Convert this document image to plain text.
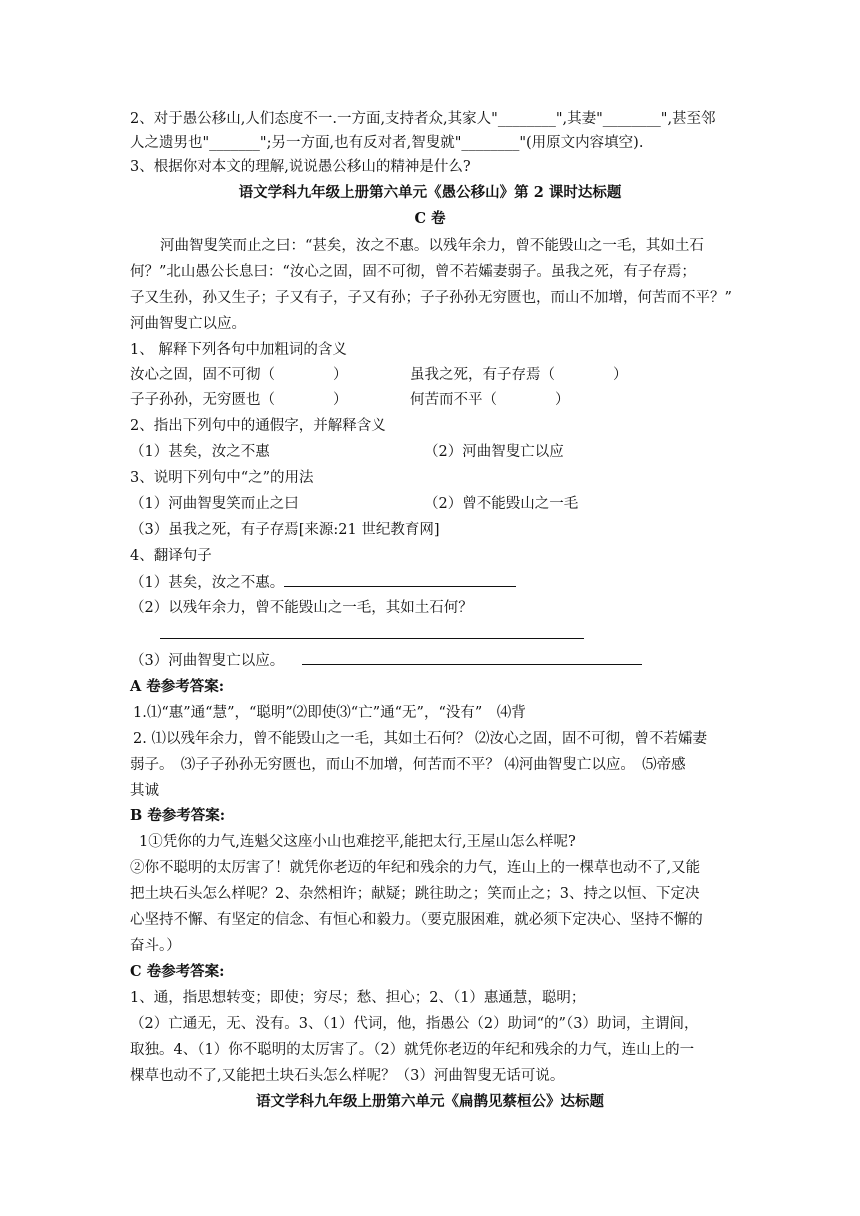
2、对于愚公移山,人们态度不一.一方面,支持者众,其家人"________",其妻"________",甚至邻
人之遗男也"_______";另一方面,也有反对者,智叟就"________"(用原文内容填空).
3、根据你对本文的理解,说说愚公移山的精神是什么?
语文学科九年级上册第六单元《愚公移山》第 2 课时达标题
C 卷
河曲智叟笑而止之曰：“甚矣，汝之不惠。以残年余力，曾不能毁山之一毛，其如土石
何？”北山愚公长息曰：“汝心之固，固不可彻，曾不若孀妻弱子。虽我之死，有子存焉；
子又生孙，孙又生子；子又有子，子又有孙；子子孙孙无穷匮也，而山不加增，何苦而不平？”
河曲智叟亡以应。
1、 解释下列各句中加粗词的含义
汝心之固，固不可彻（　　　　）	虽我之死，有子存焉（　　　　）
子子孙孙，无穷匮也（　　　　）	何苦而不平（　　　　）
2、指出下列句中的通假字，并解释含义
（1）甚矣，汝之不惠	（2）河曲智叟亡以应
3、说明下列句中“之”的用法
（1）河曲智叟笑而止之曰	（2）曾不能毁山之一毛
（3）虽我之死，有子存焉[来源:21 世纪教育网]
4、翻译句子
（1）甚矣，汝之不惠。
（2）以残年余力，曾不能毁山之一毛，其如土石何？
（3）河曲智叟亡以应。
A 卷参考答案:
1.⑴“惠”通“慧”，“聪明”⑵即使⑶“亡”通“无”，“没有”　⑷背
2. ⑴以残年余力，曾不能毁山之一毛，其如土石何？ ⑵汝心之固，固不可彻，曾不若孀妻
弱子。　⑶子子孙孙无穷匮也，而山不加增，何苦而不平？ ⑷河曲智叟亡以应。　⑸帝感
其诚
B 卷参考答案:
1①凭你的力气,连魁父这座小山也难挖平,能把太行,王屋山怎么样呢?
②你不聪明的太厉害了！就凭你老迈的年纪和残余的力气，连山上的一棵草也动不了,又能
把土块石头怎么样呢？2、杂然相许；献疑；跳往助之；笑而止之；3、持之以恒、下定决
心坚持不懈、有坚定的信念、有恒心和毅力。（要克服困难，就必须下定决心、坚持不懈的
奋斗。）
C 卷参考答案:
1、通，指思想转变；即使；穷尽；愁、担心；2、（1）惠通慧，聪明；
（2）亡通无，无、没有。3、（1）代词，他，指愚公（2）助词“的”（3）助词，主谓间，
取独。4、（1）你不聪明的太厉害了。（2）就凭你老迈的年纪和残余的力气，连山上的一
棵草也动不了,又能把土块石头怎么样呢？（3）河曲智叟无话可说。
语文学科九年级上册第六单元《扁鹊见蔡桓公》达标题
